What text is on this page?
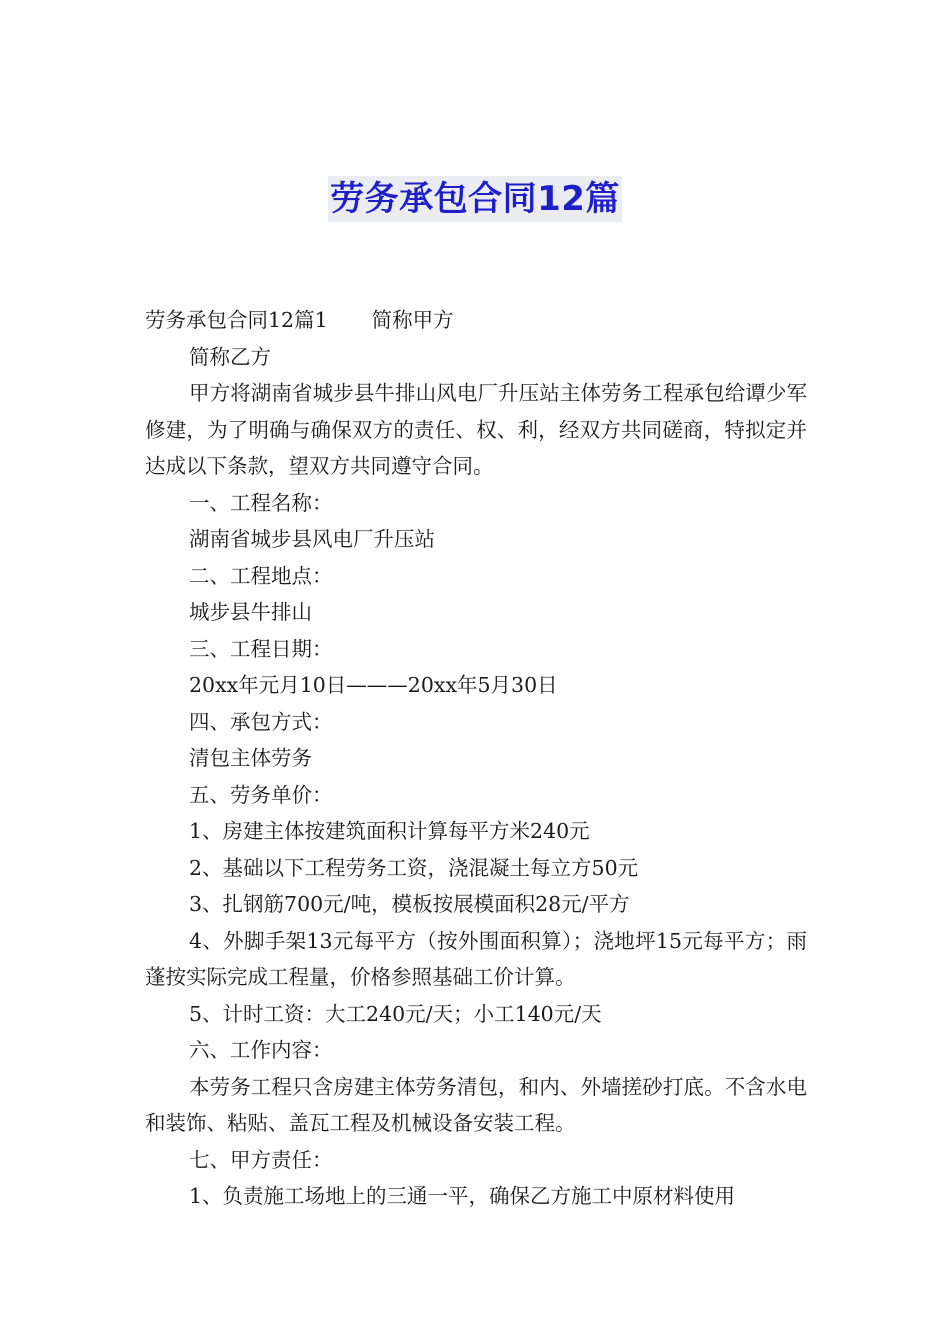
劳务承包合同12篇

劳务承包合同12篇1 简称甲方

简称乙方

甲方将湖南省城步县牛排山风电厂升压站主体劳务工程承包给谭少军修建，为了明确与确保双方的责任、权、利，经双方共同磋商，特拟定并达成以下条款，望双方共同遵守合同。

一、工程名称：

湖南省城步县风电厂升压站

二、工程地点：

城步县牛排山

三、工程日期：

20xx年元月10日———20xx年5月30日

四、承包方式：

清包主体劳务

五、劳务单价：

1、房建主体按建筑面积计算每平方米240元

2、基础以下工程劳务工资，浇混凝土每立方50元

3、扎钢筋700元/吨，模板按展模面积28元/平方

4、外脚手架13元每平方（按外围面积算）；浇地坪15元每平方；雨蓬按实际完成工程量，价格参照基础工价计算。

5、计时工资：大工240元/天；小工140元/天

六、工作内容：

本劳务工程只含房建主体劳务清包，和内、外墙搓砂打底。不含水电和装饰、粘贴、盖瓦工程及机械设备安装工程。

七、甲方责任：

1、负责施工场地上的三通一平，确保乙方施工中原材料使用
